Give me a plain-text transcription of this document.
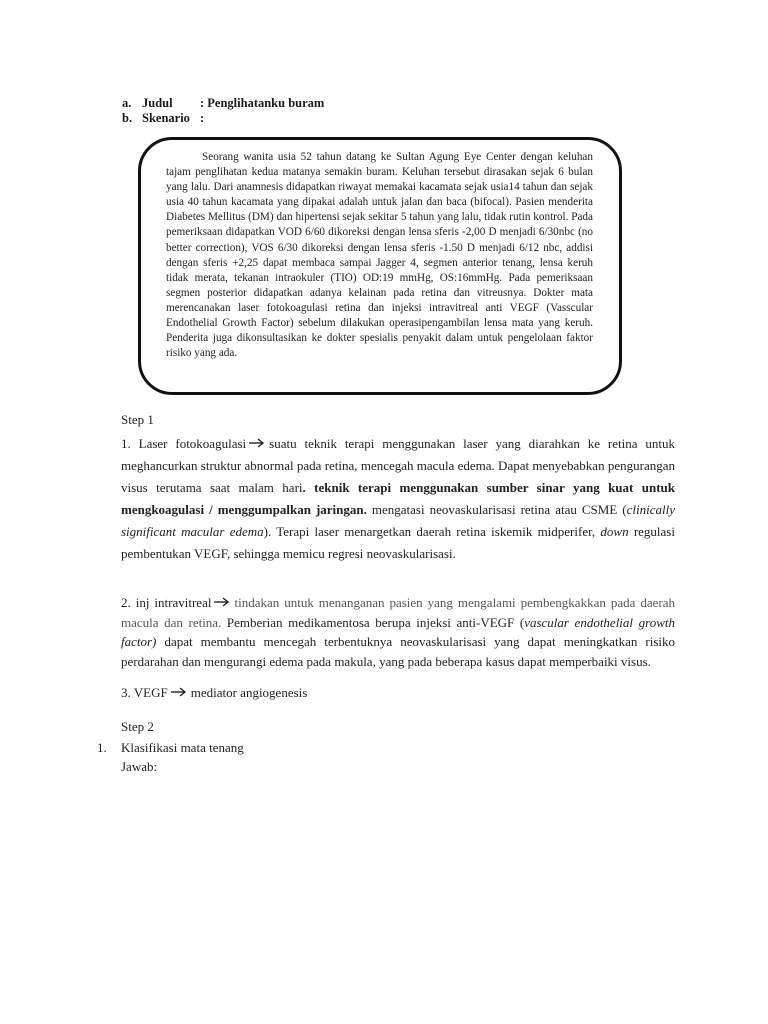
a. Judul : Penglihatanku buram
b. Skenario :

Seorang wanita usia 52 tahun datang ke Sultan Agung Eye Center dengan keluhan tajam penglihatan kedua matanya semakin buram. Keluhan tersebut dirasakan sejak 6 bulan yang lalu. Dari anamnesis didapatkan riwayat memakai kacamata sejak usia14 tahun dan sejak usia 40 tahun kacamata yang dipakai adalah untuk jalan dan baca (bifocal). Pasien menderita Diabetes Mellitus (DM) dan hipertensi sejak sekitar 5 tahun yang lalu, tidak rutin kontrol. Pada pemeriksaan didapatkan VOD 6/60 dikoreksi dengan lensa sferis -2,00 D menjadi 6/30nbc (no better correction), VOS 6/30 dikoreksi dengan lensa sferis -1.50 D menjadi 6/12 nbc, addisi dengan sferis +2,25 dapat membaca sampai Jagger 4, segmen anterior tenang, lensa keruh tidak merata, tekanan intraokuler (TIO) OD:19 mmHg, OS:16mmHg. Pada pemeriksaan segmen posterior didapatkan adanya kelainan pada retina dan vitreusnya. Dokter mata merencanakan laser fotokoagulasi retina dan injeksi intravitreal anti VEGF (Vasscular Endothelial Growth Factor) sebelum dilakukan operasipengambilan lensa mata yang keruh. Penderita juga dikonsultasikan ke dokter spesialis penyakit dalam untuk pengelolaan faktor risiko yang ada.

Step 1

1. Laser fotokoagulasi suatu teknik terapi menggunakan laser yang diarahkan ke retina untuk meghancurkan struktur abnormal pada retina, mencegah macula edema. Dapat menyebabkan pengurangan visus terutama saat malam hari. teknik terapi menggunakan sumber sinar yang kuat untuk mengkoagulasi / menggumpalkan jaringan. mengatasi neovaskularisasi retina atau CSME (clinically significant macular edema). Terapi laser menargetkan daerah retina iskemik midperifer, down regulasi pembentukan VEGF, sehingga memicu regresi neovaskularisasi.

2. inj intravitreal tindakan untuk menanganan pasien yang mengalami pembengkakkan pada daerah macula dan retina. Pemberian medikamentosa berupa injeksi anti-VEGF (vascular endothelial growth factor) dapat membantu mencegah terbentuknya neovaskularisasi yang dapat meningkatkan risiko perdarahan dan mengurangi edema pada makula, yang pada beberapa kasus dapat memperbaiki visus.

3. VEGF mediator angiogenesis
Step 2
1. Klasifikasi mata tenang
Jawab:
